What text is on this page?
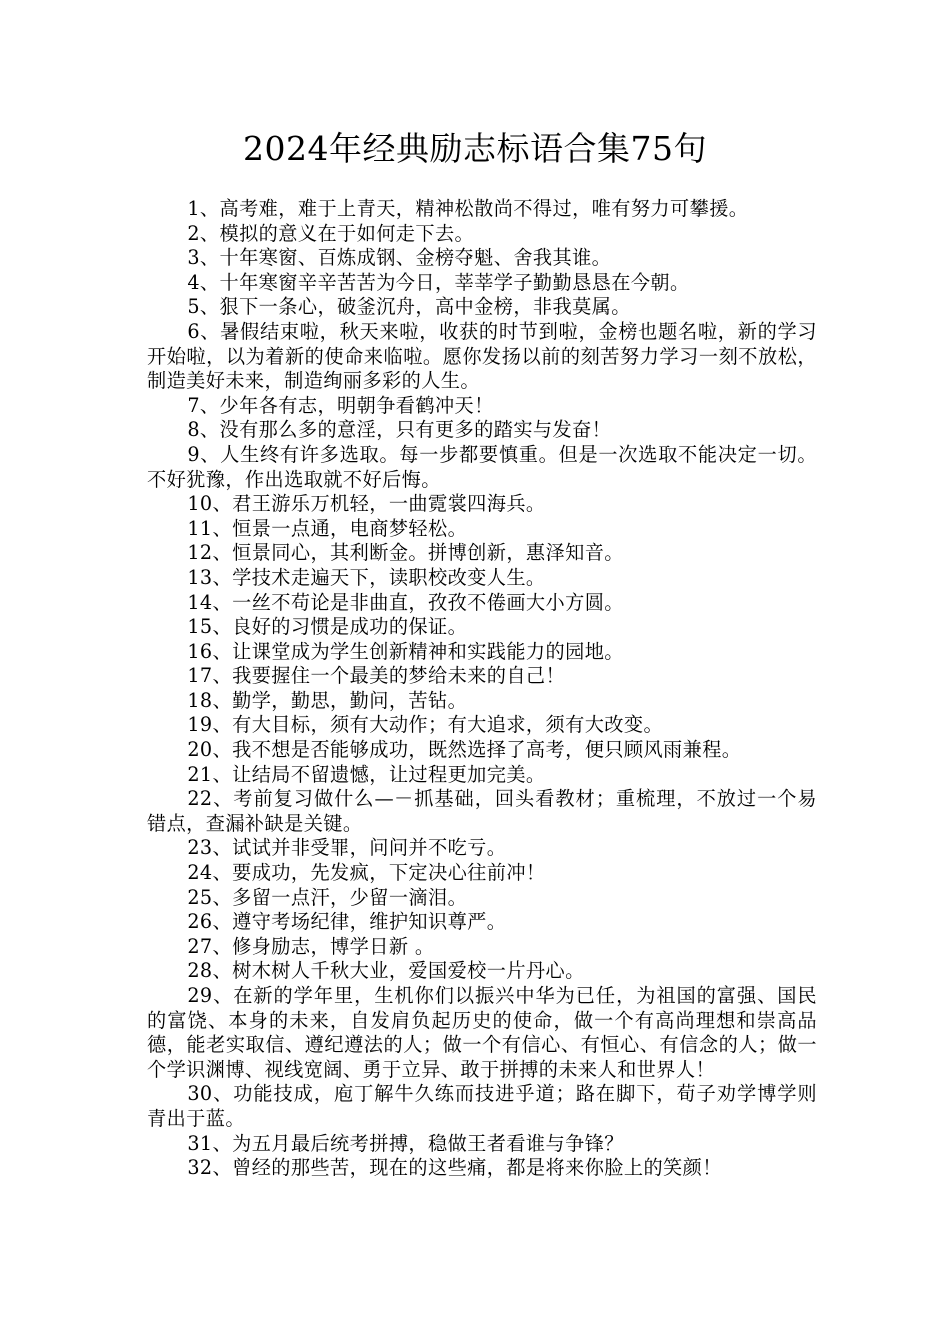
2024年经典励志标语合集75句

1、高考难，难于上青天，精神松散尚不得过，唯有努力可攀援。

2、模拟的意义在于如何走下去。

3、十年寒窗、百炼成钢、金榜夺魁、舍我其谁。

4、十年寒窗辛辛苦苦为今日，莘莘学子勤勤恳恳在今朝。

5、狠下一条心，破釜沉舟，高中金榜，非我莫属。

6、暑假结束啦，秋天来啦，收获的时节到啦，金榜也题名啦，新的学习开始啦，以为着新的使命来临啦。愿你发扬以前的刻苦努力学习一刻不放松，制造美好未来，制造绚丽多彩的人生。

7、少年各有志，明朝争看鹤冲天！

8、没有那么多的意淫，只有更多的踏实与发奋！

9、人生终有许多选取。每一步都要慎重。但是一次选取不能决定一切。不好犹豫，作出选取就不好后悔。

10、君王游乐万机轻，一曲霓裳四海兵。

11、恒景一点通，电商梦轻松。

12、恒景同心，其利断金。拼博创新，惠泽知音。

13、学技术走遍天下，读职校改变人生。

14、一丝不苟论是非曲直，孜孜不倦画大小方圆。

15、良好的习惯是成功的保证。

16、让课堂成为学生创新精神和实践能力的园地。

17、我要握住一个最美的梦给未来的自己！

18、勤学，勤思，勤问，苦钻。

19、有大目标，须有大动作；有大追求，须有大改变。

20、我不想是否能够成功，既然选择了高考，便只顾风雨兼程。

21、让结局不留遗憾，让过程更加完美。

22、考前复习做什么—－抓基础，回头看教材；重梳理，不放过一个易错点，查漏补缺是关键。

23、试试并非受罪，问问并不吃亏。

24、要成功，先发疯，下定决心往前冲！

25、多留一点汗，少留一滴泪。

26、遵守考场纪律，维护知识尊严。

27、修身励志，博学日新 。

28、树木树人千秋大业，爱国爱校一片丹心。

29、在新的学年里，生机你们以振兴中华为已任，为祖国的富强、国民的富饶、本身的未来，自发肩负起历史的使命，做一个有高尚理想和崇高品德，能老实取信、遵纪遵法的人；做一个有信心、有恒心、有信念的人；做一个学识渊博、视线宽阔、勇于立异、敢于拼搏的未来人和世界人！

30、功能技成，庖丁解牛久练而技进乎道；路在脚下，荀子劝学博学则青出于蓝。

31、为五月最后统考拼搏，稳做王者看谁与争锋？

32、曾经的那些苦，现在的这些痛，都是将来你脸上的笑颜！
